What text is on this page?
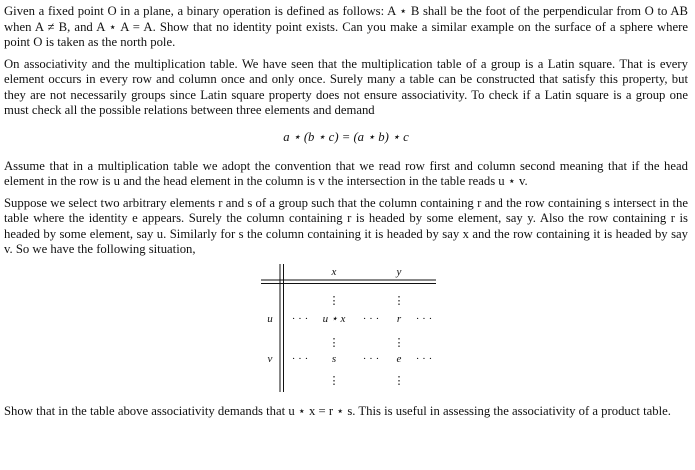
Given a fixed point O in a plane, a binary operation is defined as follows: A ⋆ B shall be the foot of the perpendicular from O to AB when A ≠ B, and A ⋆ A = A. Show that no identity point exists. Can you make a similar example on the surface of a sphere where point O is taken as the north pole.

On associativity and the multiplication table. We have seen that the multiplication table of a group is a Latin square. That is every element occurs in every row and column once and only once. Surely many a table can be constructed that satisfy this property, but they are not necessarily groups since Latin square property does not ensure associativity. To check if a Latin square is a group one must check all the possible relations between three elements and demand

a ⋆ (b ⋆ c) = (a ⋆ b) ⋆ c

Assume that in a multiplication table we adopt the convention that we read row first and column second meaning that if the head element in the row is u and the head element in the column is v the intersection in the table reads u ⋆ v.

Suppose we select two arbitrary elements r and s of a group such that the column containing r and the row containing s intersect in the table where the identity e appears. Surely the column containing r is headed by some element, say y. Also the row containing r is headed by some element, say u. Similarly for s the column containing it is headed by say x and the row containing it is headed by say v. So we have the following situation,

x	y
⋮
⋮
⋮
⋮
⋮
⋮
u · · · u ⋆ x · · · r · · ·
v · · · s · · · e · · ·

Show that in the table above associativity demands that u ⋆ x = r ⋆ s. This is useful in assessing the associativity of a product table.
